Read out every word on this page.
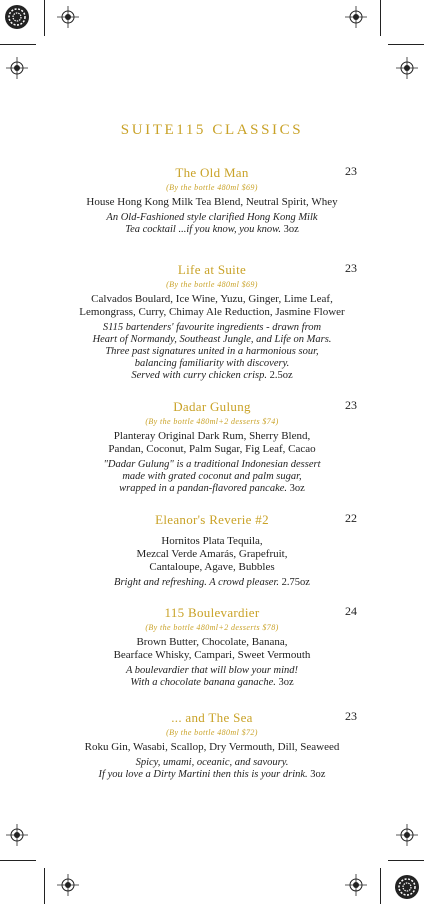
SUITE115 CLASSICS
The Old Man	23
(By the bottle 480ml $69)
House Hong Kong Milk Tea Blend, Neutral Spirit, Whey
An Old-Fashioned style clarified Hong Kong Milk
Tea cocktail ...if you know, you know. 3oz
Life at Suite	23
(By the bottle 480ml $69)
Calvados Boulard, Ice Wine, Yuzu, Ginger, Lime Leaf,
Lemongrass, Curry, Chimay Ale Reduction, Jasmine Flower
S115 bartenders' favourite ingredients - drawn from
Heart of Normandy, Southeast Jungle, and Life on Mars.
Three past signatures united in a harmonious sour,
balancing familiarity with discovery.
Served with curry chicken crisp. 2.5oz
Dadar Gulung	23
(By the bottle 480ml+2 desserts $74)
Planteray Original Dark Rum, Sherry Blend,
Pandan, Coconut, Palm Sugar, Fig Leaf, Cacao
"Dadar Gulung" is a traditional Indonesian dessert
made with grated coconut and palm sugar,
wrapped in a pandan-flavored pancake. 3oz
Eleanor's Reverie #2	22
Hornitos Plata Tequila,
Mezcal Verde Amarás, Grapefruit,
Cantaloupe, Agave, Bubbles
Bright and refreshing. A crowd pleaser. 2.75oz
115 Boulevardier	24
(By the bottle 480ml+2 desserts $78)
Brown Butter, Chocolate, Banana,
Bearface Whisky, Campari, Sweet Vermouth
A boulevardier that will blow your mind!
With a chocolate banana ganache. 3oz
... and The Sea	23
(By the bottle 480ml $72)
Roku Gin, Wasabi, Scallop, Dry Vermouth, Dill, Seaweed
Spicy, umami, oceanic, and savoury.
If you love a Dirty Martini then this is your drink. 3oz
